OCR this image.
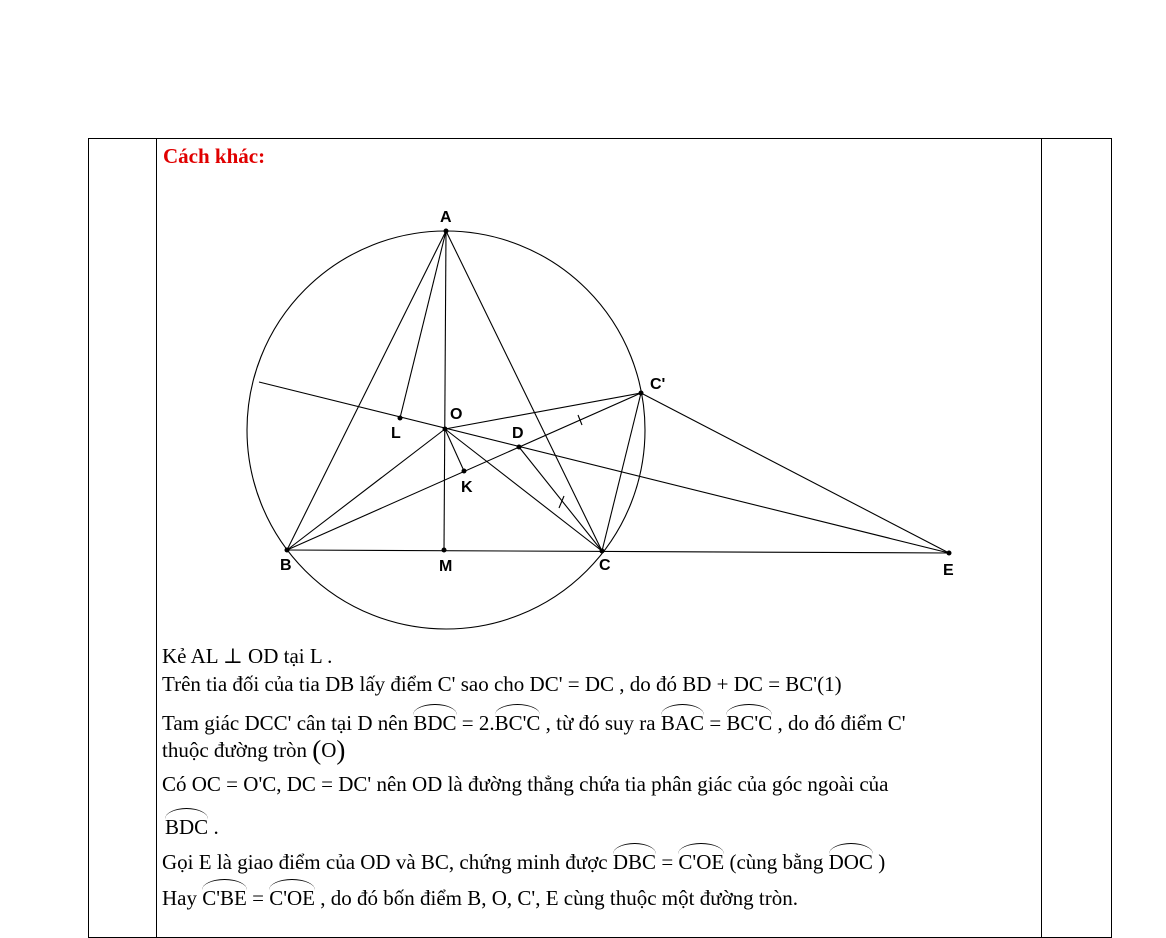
Cách khác:
A
B	C
C'
O
L	D
K
M	E
Kẻ AL ⊥ OD tại L .
Trên tia đối của tia DB lấy điểm C' sao cho DC' = DC , do đó BD + DC = BC'(1)
Tam giác DCC' cân tại D nên BDC = 2.BC'C , từ đó suy ra BAC = BC'C , do đó điểm C'
thuộc đường tròn (O)
Có OC = O'C, DC = DC' nên OD là đường thẳng chứa tia phân giác của góc ngoài của
BDC .
Gọi E là giao điểm của OD và BC, chứng minh được DBC = C'OE (cùng bằng DOC )
Hay C'BE = C'OE , do đó bốn điểm B, O, C', E cùng thuộc một đường tròn.
